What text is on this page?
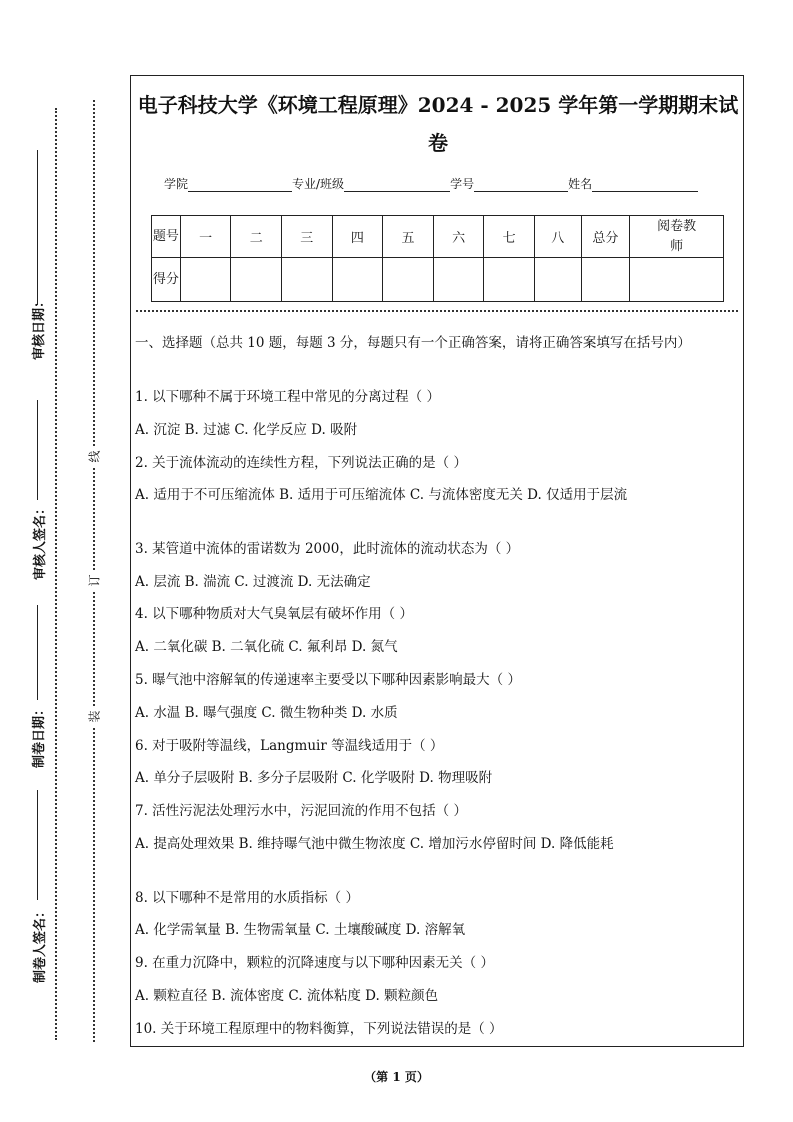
审核日期：
审核人签名：
制卷日期：
制卷人签名：
线
订
装
电子科技大学《环境工程原理》2024 - 2025 学年第一学期期末试卷
学院	专业/班级	学号	姓名
题号	一	二	三	四	五	六	七	八	总分	阅卷教师
得分										
一、选择题（总共 10 题，每题 3 分，每题只有一个正确答案，请将正确答案填写在括号内）
1. 以下哪种不属于环境工程中常见的分离过程（ ）
A. 沉淀 B. 过滤 C. 化学反应 D. 吸附
2. 关于流体流动的连续性方程，下列说法正确的是（ ）
A. 适用于不可压缩流体 B. 适用于可压缩流体 C. 与流体密度无关 D. 仅适用于层流
3. 某管道中流体的雷诺数为 2000，此时流体的流动状态为（ ）
A. 层流 B. 湍流 C. 过渡流 D. 无法确定
4. 以下哪种物质对大气臭氧层有破坏作用（ ）
A. 二氧化碳 B. 二氧化硫 C. 氟利昂 D. 氮气
5. 曝气池中溶解氧的传递速率主要受以下哪种因素影响最大（ ）
A. 水温 B. 曝气强度 C. 微生物种类 D. 水质
6. 对于吸附等温线，Langmuir 等温线适用于（ ）
A. 单分子层吸附 B. 多分子层吸附 C. 化学吸附 D. 物理吸附
7. 活性污泥法处理污水中，污泥回流的作用不包括（ ）
A. 提高处理效果 B. 维持曝气池中微生物浓度 C. 增加污水停留时间 D. 降低能耗
8. 以下哪种不是常用的水质指标（ ）
A. 化学需氧量 B. 生物需氧量 C. 土壤酸碱度 D. 溶解氧
9. 在重力沉降中，颗粒的沉降速度与以下哪种因素无关（ ）
A. 颗粒直径 B. 流体密度 C. 流体粘度 D. 颗粒颜色
10. 关于环境工程原理中的物料衡算，下列说法错误的是（ ）
（第 1 页）
